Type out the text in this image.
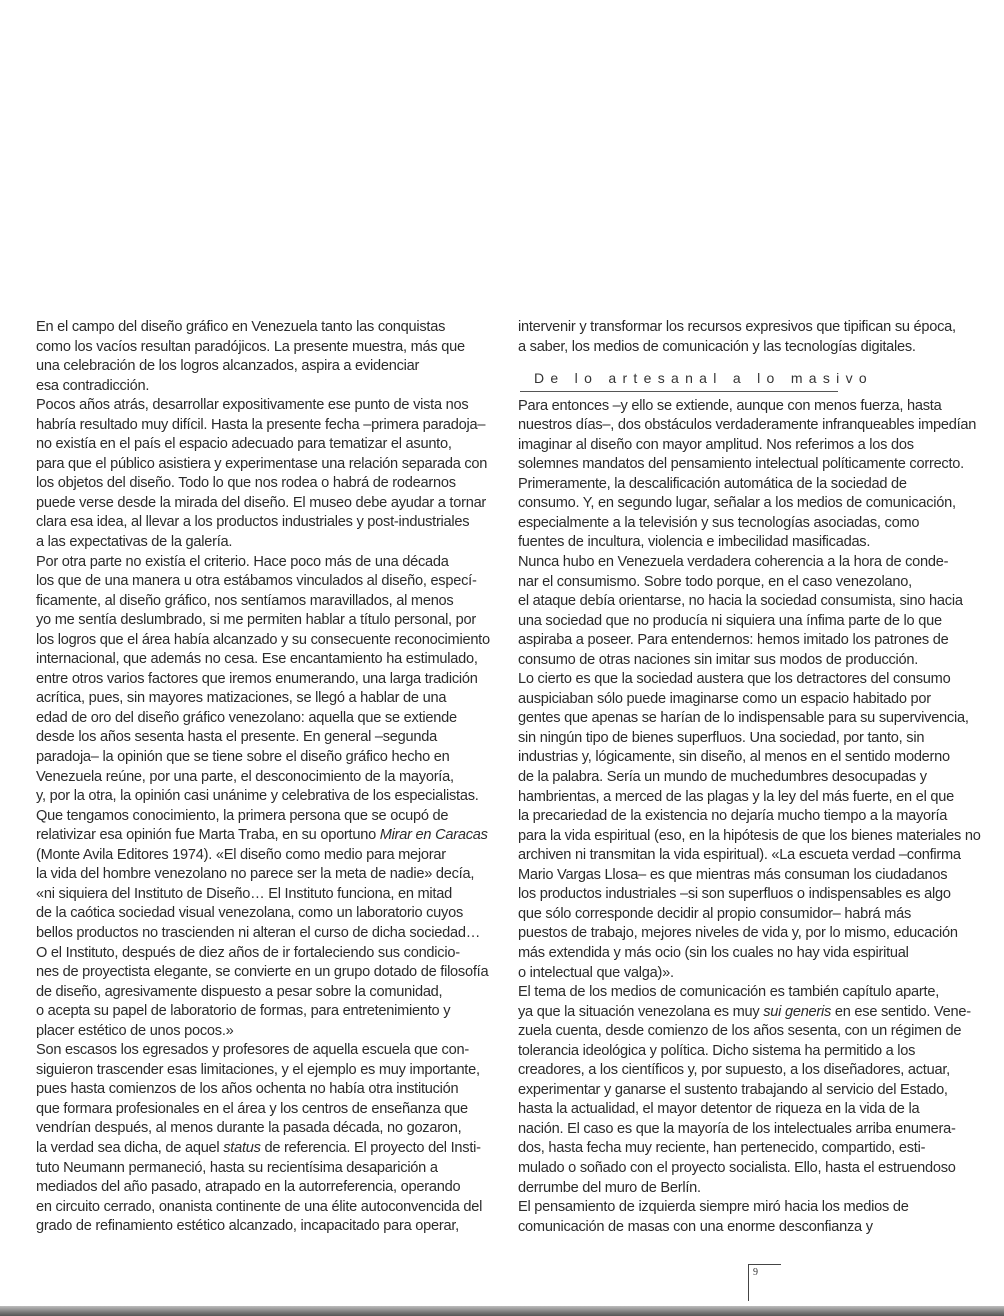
En el campo del diseño gráfico en Venezuela tanto las conquistas
como los vacíos resultan paradójicos. La presente muestra, más que
una celebración de los logros alcanzados, aspira a evidenciar
esa contradicción.
Pocos años atrás, desarrollar expositivamente ese punto de vista nos
habría resultado muy difícil. Hasta la presente fecha –primera paradoja–
no existía en el país el espacio adecuado para tematizar el asunto,
para que el público asistiera y experimentase una relación separada con
los objetos del diseño. Todo lo que nos rodea o habrá de rodearnos
puede verse desde la mirada del diseño. El museo debe ayudar a tornar
clara esa idea, al llevar a los productos industriales y post-industriales
a las expectativas de la galería.
Por otra parte no existía el criterio. Hace poco más de una década
los que de una manera u otra estábamos vinculados al diseño, especí-
ficamente, al diseño gráfico, nos sentíamos maravillados, al menos
yo me sentía deslumbrado, si me permiten hablar a título personal, por
los logros que el área había alcanzado y su consecuente reconocimiento
internacional, que además no cesa. Ese encantamiento ha estimulado,
entre otros varios factores que iremos enumerando, una larga tradición
acrítica, pues, sin mayores matizaciones, se llegó a hablar de una
edad de oro del diseño gráfico venezolano: aquella que se extiende
desde los años sesenta hasta el presente. En general –segunda
paradoja– la opinión que se tiene sobre el diseño gráfico hecho en
Venezuela reúne, por una parte, el desconocimiento de la mayoría,
y, por la otra, la opinión casi unánime y celebrativa de los especialistas.
Que tengamos conocimiento, la primera persona que se ocupó de
relativizar esa opinión fue Marta Traba, en su oportuno Mirar en Caracas
(Monte Avila Editores 1974). «El diseño como medio para mejorar
la vida del hombre venezolano no parece ser la meta de nadie» decía,
«ni siquiera del Instituto de Diseño… El Instituto funciona, en mitad
de la caótica sociedad visual venezolana, como un laboratorio cuyos
bellos productos no trascienden ni alteran el curso de dicha sociedad…
O el Instituto, después de diez años de ir fortaleciendo sus condicio-
nes de proyectista elegante, se convierte en un grupo dotado de filosofía
de diseño, agresivamente dispuesto a pesar sobre la comunidad,
o acepta su papel de laboratorio de formas, para entretenimiento y
placer estético de unos pocos.»
Son escasos los egresados y profesores de aquella escuela que con-
siguieron trascender esas limitaciones, y el ejemplo es muy importante,
pues hasta comienzos de los años ochenta no había otra institución
que formara profesionales en el área y los centros de enseñanza que
vendrían después, al menos durante la pasada década, no gozaron,
la verdad sea dicha, de aquel status de referencia. El proyecto del Insti-
tuto Neumann permaneció, hasta su recientísima desaparición a
mediados del año pasado, atrapado en la autorreferencia, operando
en circuito cerrado, onanista continente de una élite autoconvencida del
grado de refinamiento estético alcanzado, incapacitado para operar,
intervenir y transformar los recursos expresivos que tipifican su época,
a saber, los medios de comunicación y las tecnologías digitales.
De lo artesanal a lo masivo
Para entonces –y ello se extiende, aunque con menos fuerza, hasta
nuestros días–, dos obstáculos verdaderamente infranqueables impedían
imaginar al diseño con mayor amplitud. Nos referimos a los dos
solemnes mandatos del pensamiento intelectual políticamente correcto.
Primeramente, la descalificación automática de la sociedad de
consumo. Y, en segundo lugar, señalar a los medios de comunicación,
especialmente a la televisión y sus tecnologías asociadas, como
fuentes de incultura, violencia e imbecilidad masificadas.
Nunca hubo en Venezuela verdadera coherencia a la hora de conde-
nar el consumismo. Sobre todo porque, en el caso venezolano,
el ataque debía orientarse, no hacia la sociedad consumista, sino hacia
una sociedad que no producía ni siquiera una ínfima parte de lo que
aspiraba a poseer. Para entendernos: hemos imitado los patrones de
consumo de otras naciones sin imitar sus modos de producción.
Lo cierto es que la sociedad austera que los detractores del consumo
auspiciaban sólo puede imaginarse como un espacio habitado por
gentes que apenas se harían de lo indispensable para su supervivencia,
sin ningún tipo de bienes superfluos. Una sociedad, por tanto, sin
industrias y, lógicamente, sin diseño, al menos en el sentido moderno
de la palabra. Sería un mundo de muchedumbres desocupadas y
hambrientas, a merced de las plagas y la ley del más fuerte, en el que
la precariedad de la existencia no dejaría mucho tiempo a la mayoría
para la vida espiritual (eso, en la hipótesis de que los bienes materiales no
archiven ni transmitan la vida espiritual). «La escueta verdad –confirma
Mario Vargas Llosa– es que mientras más consuman los ciudadanos
los productos industriales –si son superfluos o indispensables es algo
que sólo corresponde decidir al propio consumidor– habrá más
puestos de trabajo, mejores niveles de vida y, por lo mismo, educación
más extendida y más ocio (sin los cuales no hay vida espiritual
o intelectual que valga)».
El tema de los medios de comunicación es también capítulo aparte,
ya que la situación venezolana es muy sui generis en ese sentido. Vene-
zuela cuenta, desde comienzo de los años sesenta, con un régimen de
tolerancia ideológica y política. Dicho sistema ha permitido a los
creadores, a los científicos y, por supuesto, a los diseñadores, actuar,
experimentar y ganarse el sustento trabajando al servicio del Estado,
hasta la actualidad, el mayor detentor de riqueza en la vida de la
nación. El caso es que la mayoría de los intelectuales arriba enumera-
dos, hasta fecha muy reciente, han pertenecido, compartido, esti-
mulado o soñado con el proyecto socialista. Ello, hasta el estruendoso
derrumbe del muro de Berlín.
El pensamiento de izquierda siempre miró hacia los medios de
comunicación de masas con una enorme desconfianza y
9
